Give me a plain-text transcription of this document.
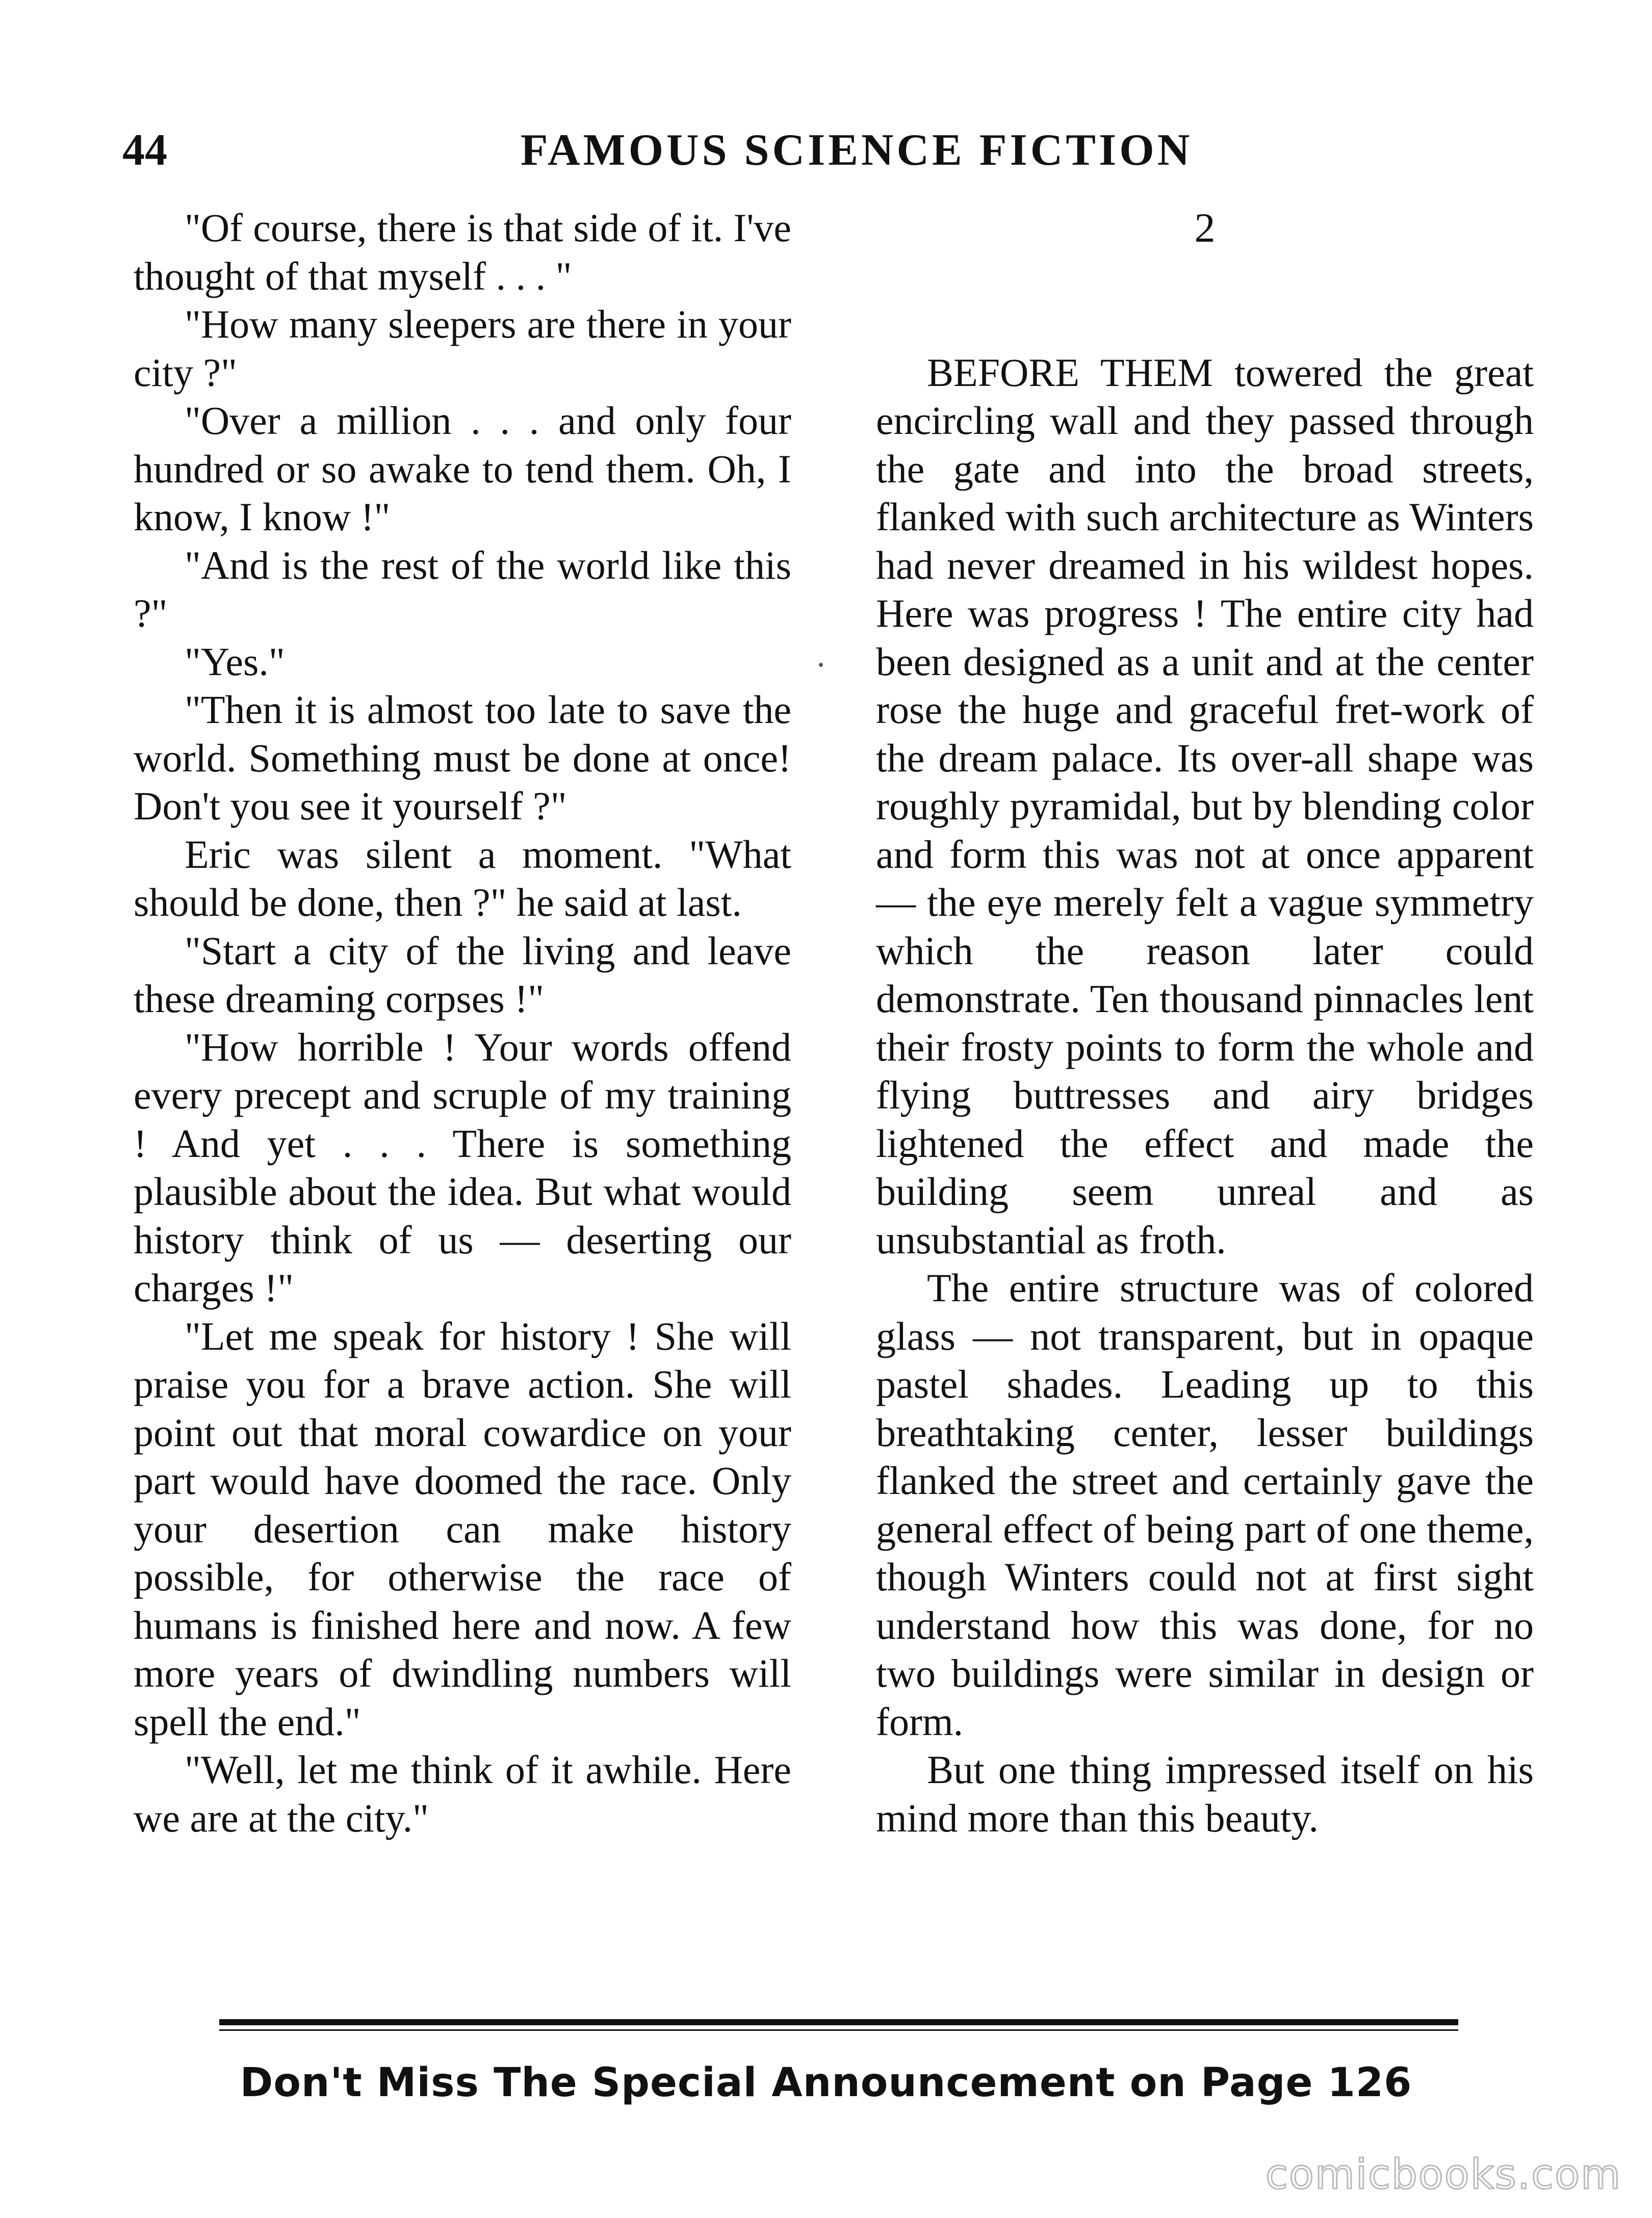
44	FAMOUS SCIENCE FICTION

"Of course, there is that side of it. I've thought of that myself . . . "

"How many sleepers are there in your city ?"

"Over a million . . . and only four hundred or so awake to tend them. Oh, I know, I know !"

"And is the rest of the world like this ?"

"Yes."

"Then it is almost too late to save the world. Something must be done at once! Don't you see it yourself ?"

Eric was silent a moment. "What should be done, then ?" he said at last.

"Start a city of the living and leave these dreaming corpses !"

"How horrible ! Your words offend every precept and scruple of my training ! And yet . . . There is something plausible about the idea. But what would history think of us — deserting our charges !"

"Let me speak for history ! She will praise you for a brave action. She will point out that moral cowardice on your part would have doomed the race. Only your desertion can make history possible, for otherwise the race of humans is finished here and now. A few more years of dwindling numbers will spell the end."

"Well, let me think of it awhile. Here we are at the city."

2

BEFORE THEM towered the great encircling wall and they passed through the gate and into the broad streets, flanked with such architecture as Winters had never dreamed in his wildest hopes. Here was progress ! The entire city had been designed as a unit and at the center rose the huge and graceful fret-work of the dream palace. Its over-all shape was roughly pyramidal, but by blending color and form this was not at once apparent — the eye merely felt a vague symmetry which the reason later could demonstrate. Ten thousand pinnacles lent their frosty points to form the whole and flying buttresses and airy bridges lightened the effect and made the building seem unreal and as unsubstantial as froth.

The entire structure was of colored glass — not transparent, but in opaque pastel shades. Leading up to this breathtaking center, lesser buildings flanked the street and certainly gave the general effect of being part of one theme, though Winters could not at first sight understand how this was done, for no two buildings were similar in design or form.

But one thing impressed itself on his mind more than this beauty.

Don't Miss The Special Announcement on Page 126
comicbooks.com
